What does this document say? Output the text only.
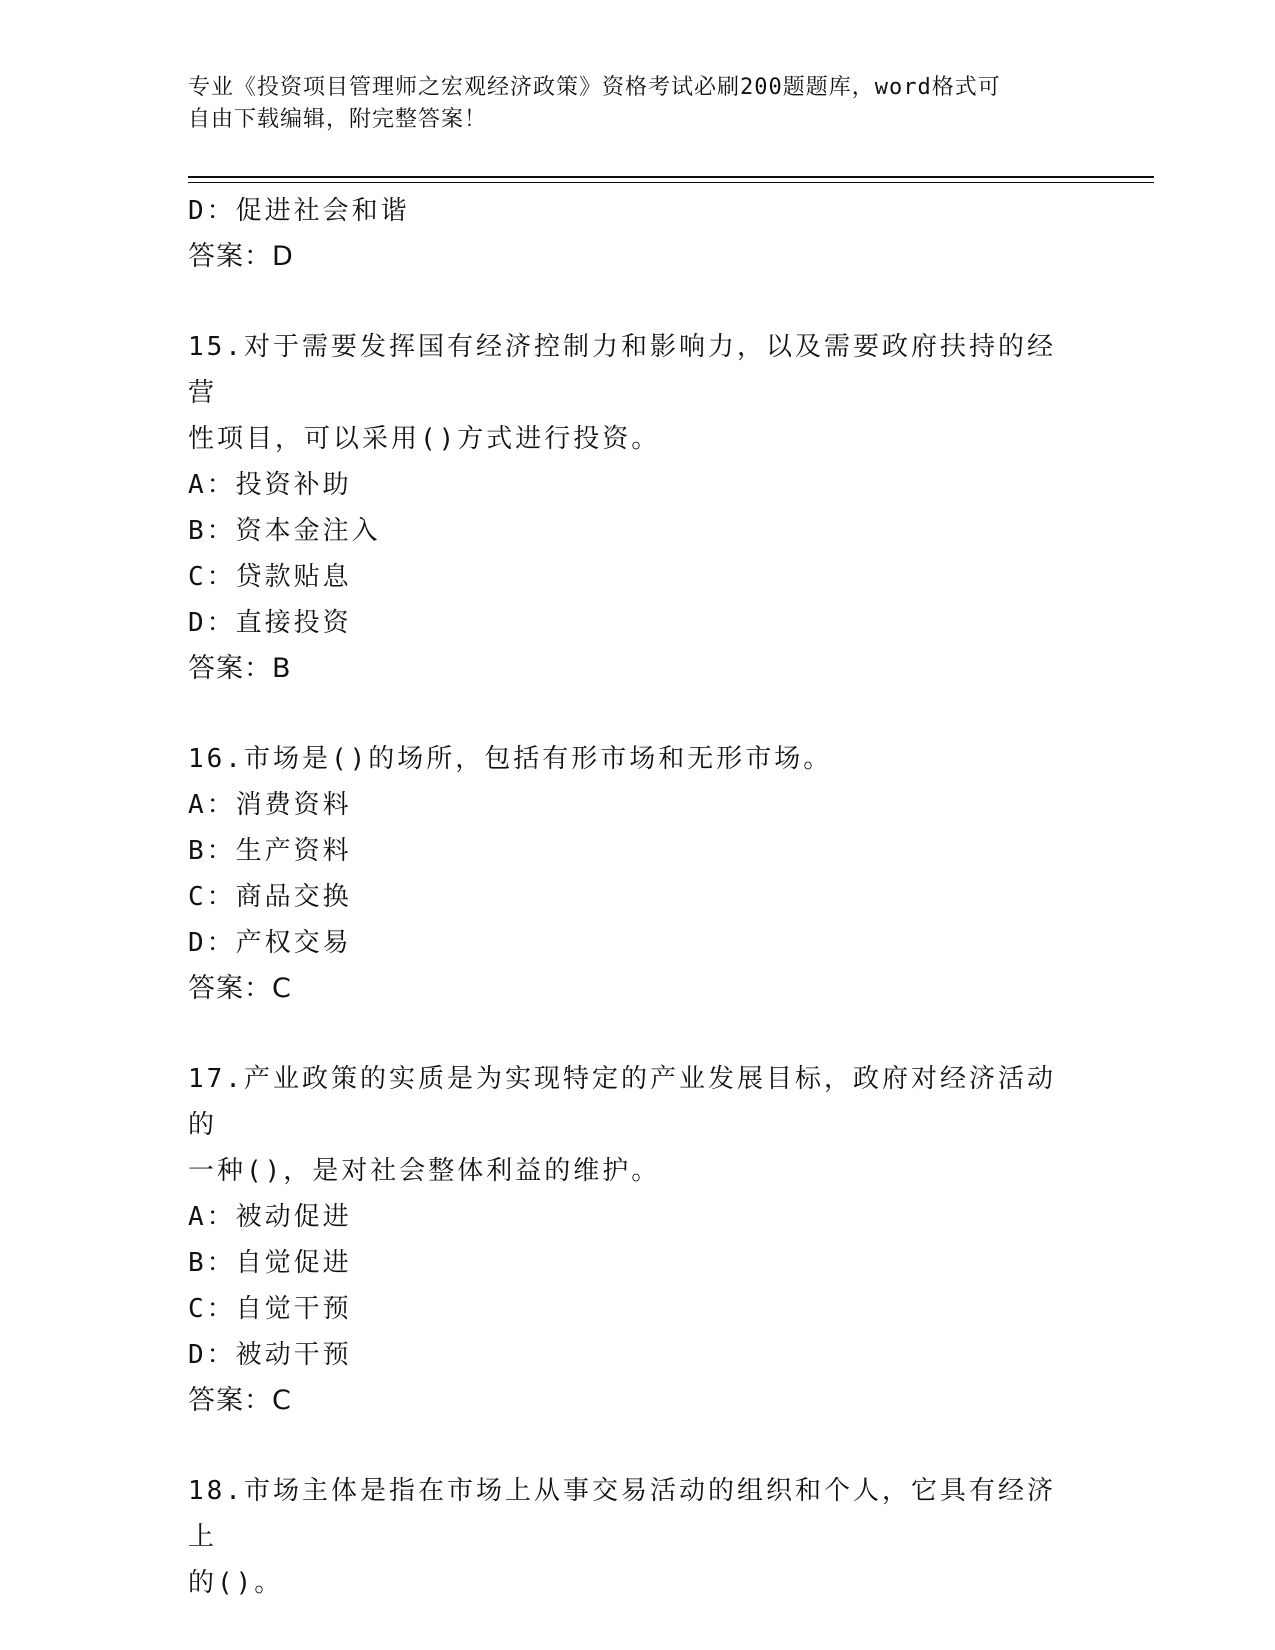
专业《投资项目管理师之宏观经济政策》资格考试必刷200题题库，word格式可
自由下载编辑，附完整答案！
D：促进社会和谐
答案：D
15.对于需要发挥国有经济控制力和影响力，以及需要政府扶持的经营
性项目，可以采用()方式进行投资。
A：投资补助
B：资本金注入
C：贷款贴息
D：直接投资
答案：B
16.市场是()的场所，包括有形市场和无形市场。
A：消费资料
B：生产资料
C：商品交换
D：产权交易
答案：C
17.产业政策的实质是为实现特定的产业发展目标，政府对经济活动的
一种()，是对社会整体利益的维护。
A：被动促进
B：自觉促进
C：自觉干预
D：被动干预
答案：C
18.市场主体是指在市场上从事交易活动的组织和个人，它具有经济上
的()。
